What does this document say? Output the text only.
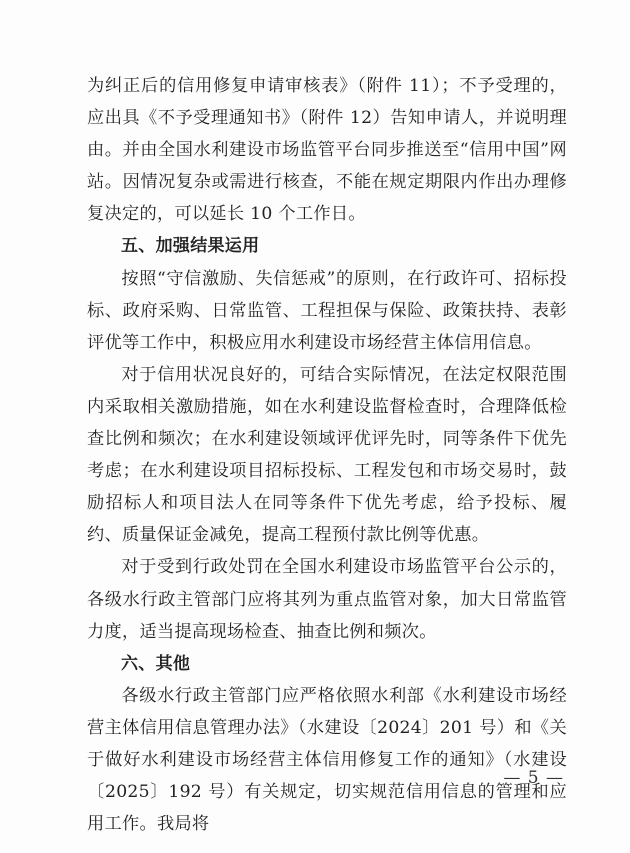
为纠正后的信用修复申请审核表》（附件 11）；不予受理的，应出具《不予受理通知书》（附件 12）告知申请人，并说明理由。并由全国水利建设市场监管平台同步推送至“信用中国”网站。因情况复杂或需进行核查，不能在规定期限内作出办理修复决定的，可以延长 10 个工作日。

五、加强结果运用

按照“守信激励、失信惩戒”的原则，在行政许可、招标投标、政府采购、日常监管、工程担保与保险、政策扶持、表彰评优等工作中，积极应用水利建设市场经营主体信用信息。

对于信用状况良好的，可结合实际情况，在法定权限范围内采取相关激励措施，如在水利建设监督检查时，合理降低检查比例和频次；在水利建设领域评优评先时，同等条件下优先考虑；在水利建设项目招标投标、工程发包和市场交易时，鼓励招标人和项目法人在同等条件下优先考虑，给予投标、履约、质量保证金减免，提高工程预付款比例等优惠。

对于受到行政处罚在全国水利建设市场监管平台公示的，各级水行政主管部门应将其列为重点监管对象，加大日常监管力度，适当提高现场检查、抽查比例和频次。

六、其他

各级水行政主管部门应严格依照水利部《水利建设市场经营主体信用信息管理办法》（水建设〔2024〕201 号）和《关于做好水利建设市场经营主体信用修复工作的通知》（水建设〔2025〕192 号）有关规定，切实规范信用信息的管理和应用工作。我局将

— 5 —
